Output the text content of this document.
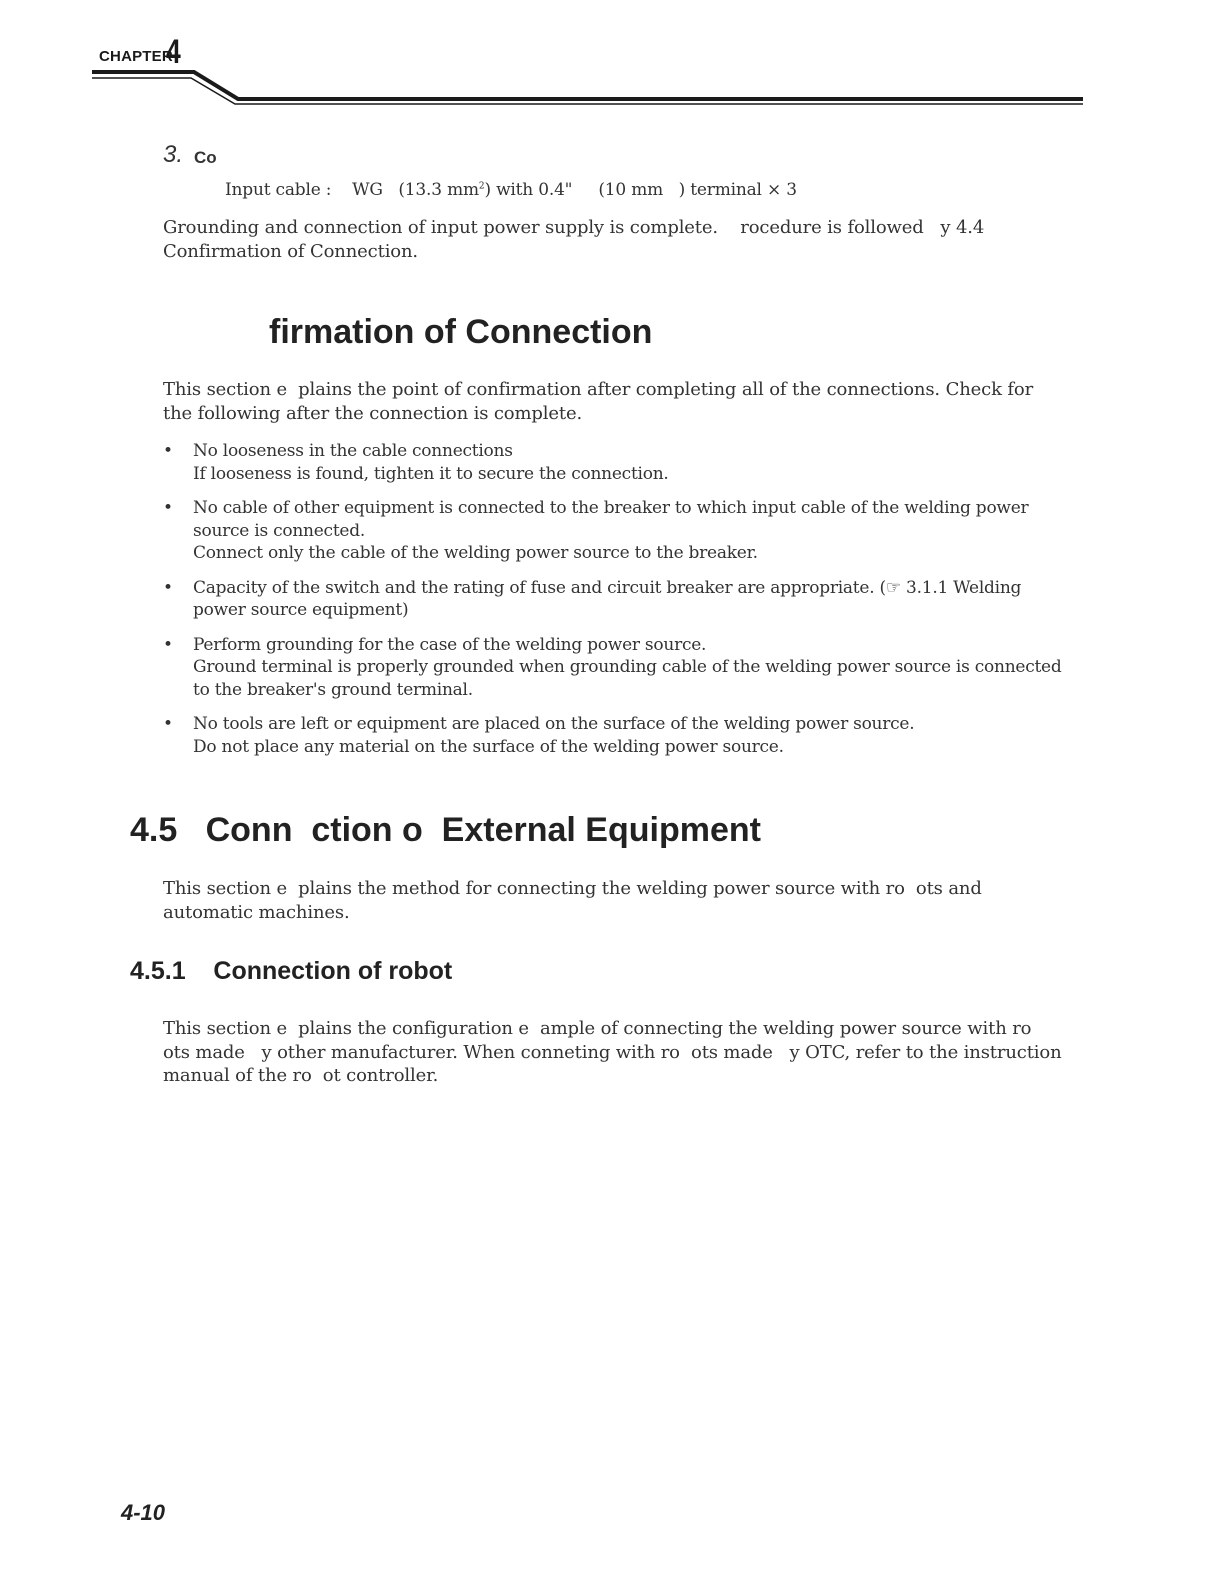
CHAPTER
4
3. Co
Input cable :    WG   (13.3 $mm^2$) with 0.4"     (10 mm   ) terminal × 3
Grounding and connection of input power supply is complete.    rocedure is followed   y 4.4 Confirmation of Connection.
firmation of Connection
This section e  plains the point of confirmation after completing all of the connections. Check for the following after the connection is complete.
• No looseness in the cable connections
If looseness is found, tighten it to secure the connection.
• No cable of other equipment is connected to the breaker to which input cable of the welding power source is connected.
Connect only the cable of the welding power source to the breaker.
• Capacity of the switch and the rating of fuse and circuit breaker are appropriate. (☞ 3.1.1 Welding power source equipment)
• Perform grounding for the case of the welding power source.
Ground terminal is properly grounded when grounding cable of the welding power source is connected to the breaker's ground terminal.
• No tools are left or equipment are placed on the surface of the welding power source.
Do not place any material on the surface of the welding power source.
4.5   Conn  ction o  External Equipment
This section e  plains the method for connecting the welding power source with ro  ots and automatic machines.
4.5.1    Connection of robot
This section e  plains the configuration e  ample of connecting the welding power source with ro  ots made   y other manufacturer. When conneting with ro  ots made   y OTC, refer to the instruction manual of the ro  ot controller.
4-10
